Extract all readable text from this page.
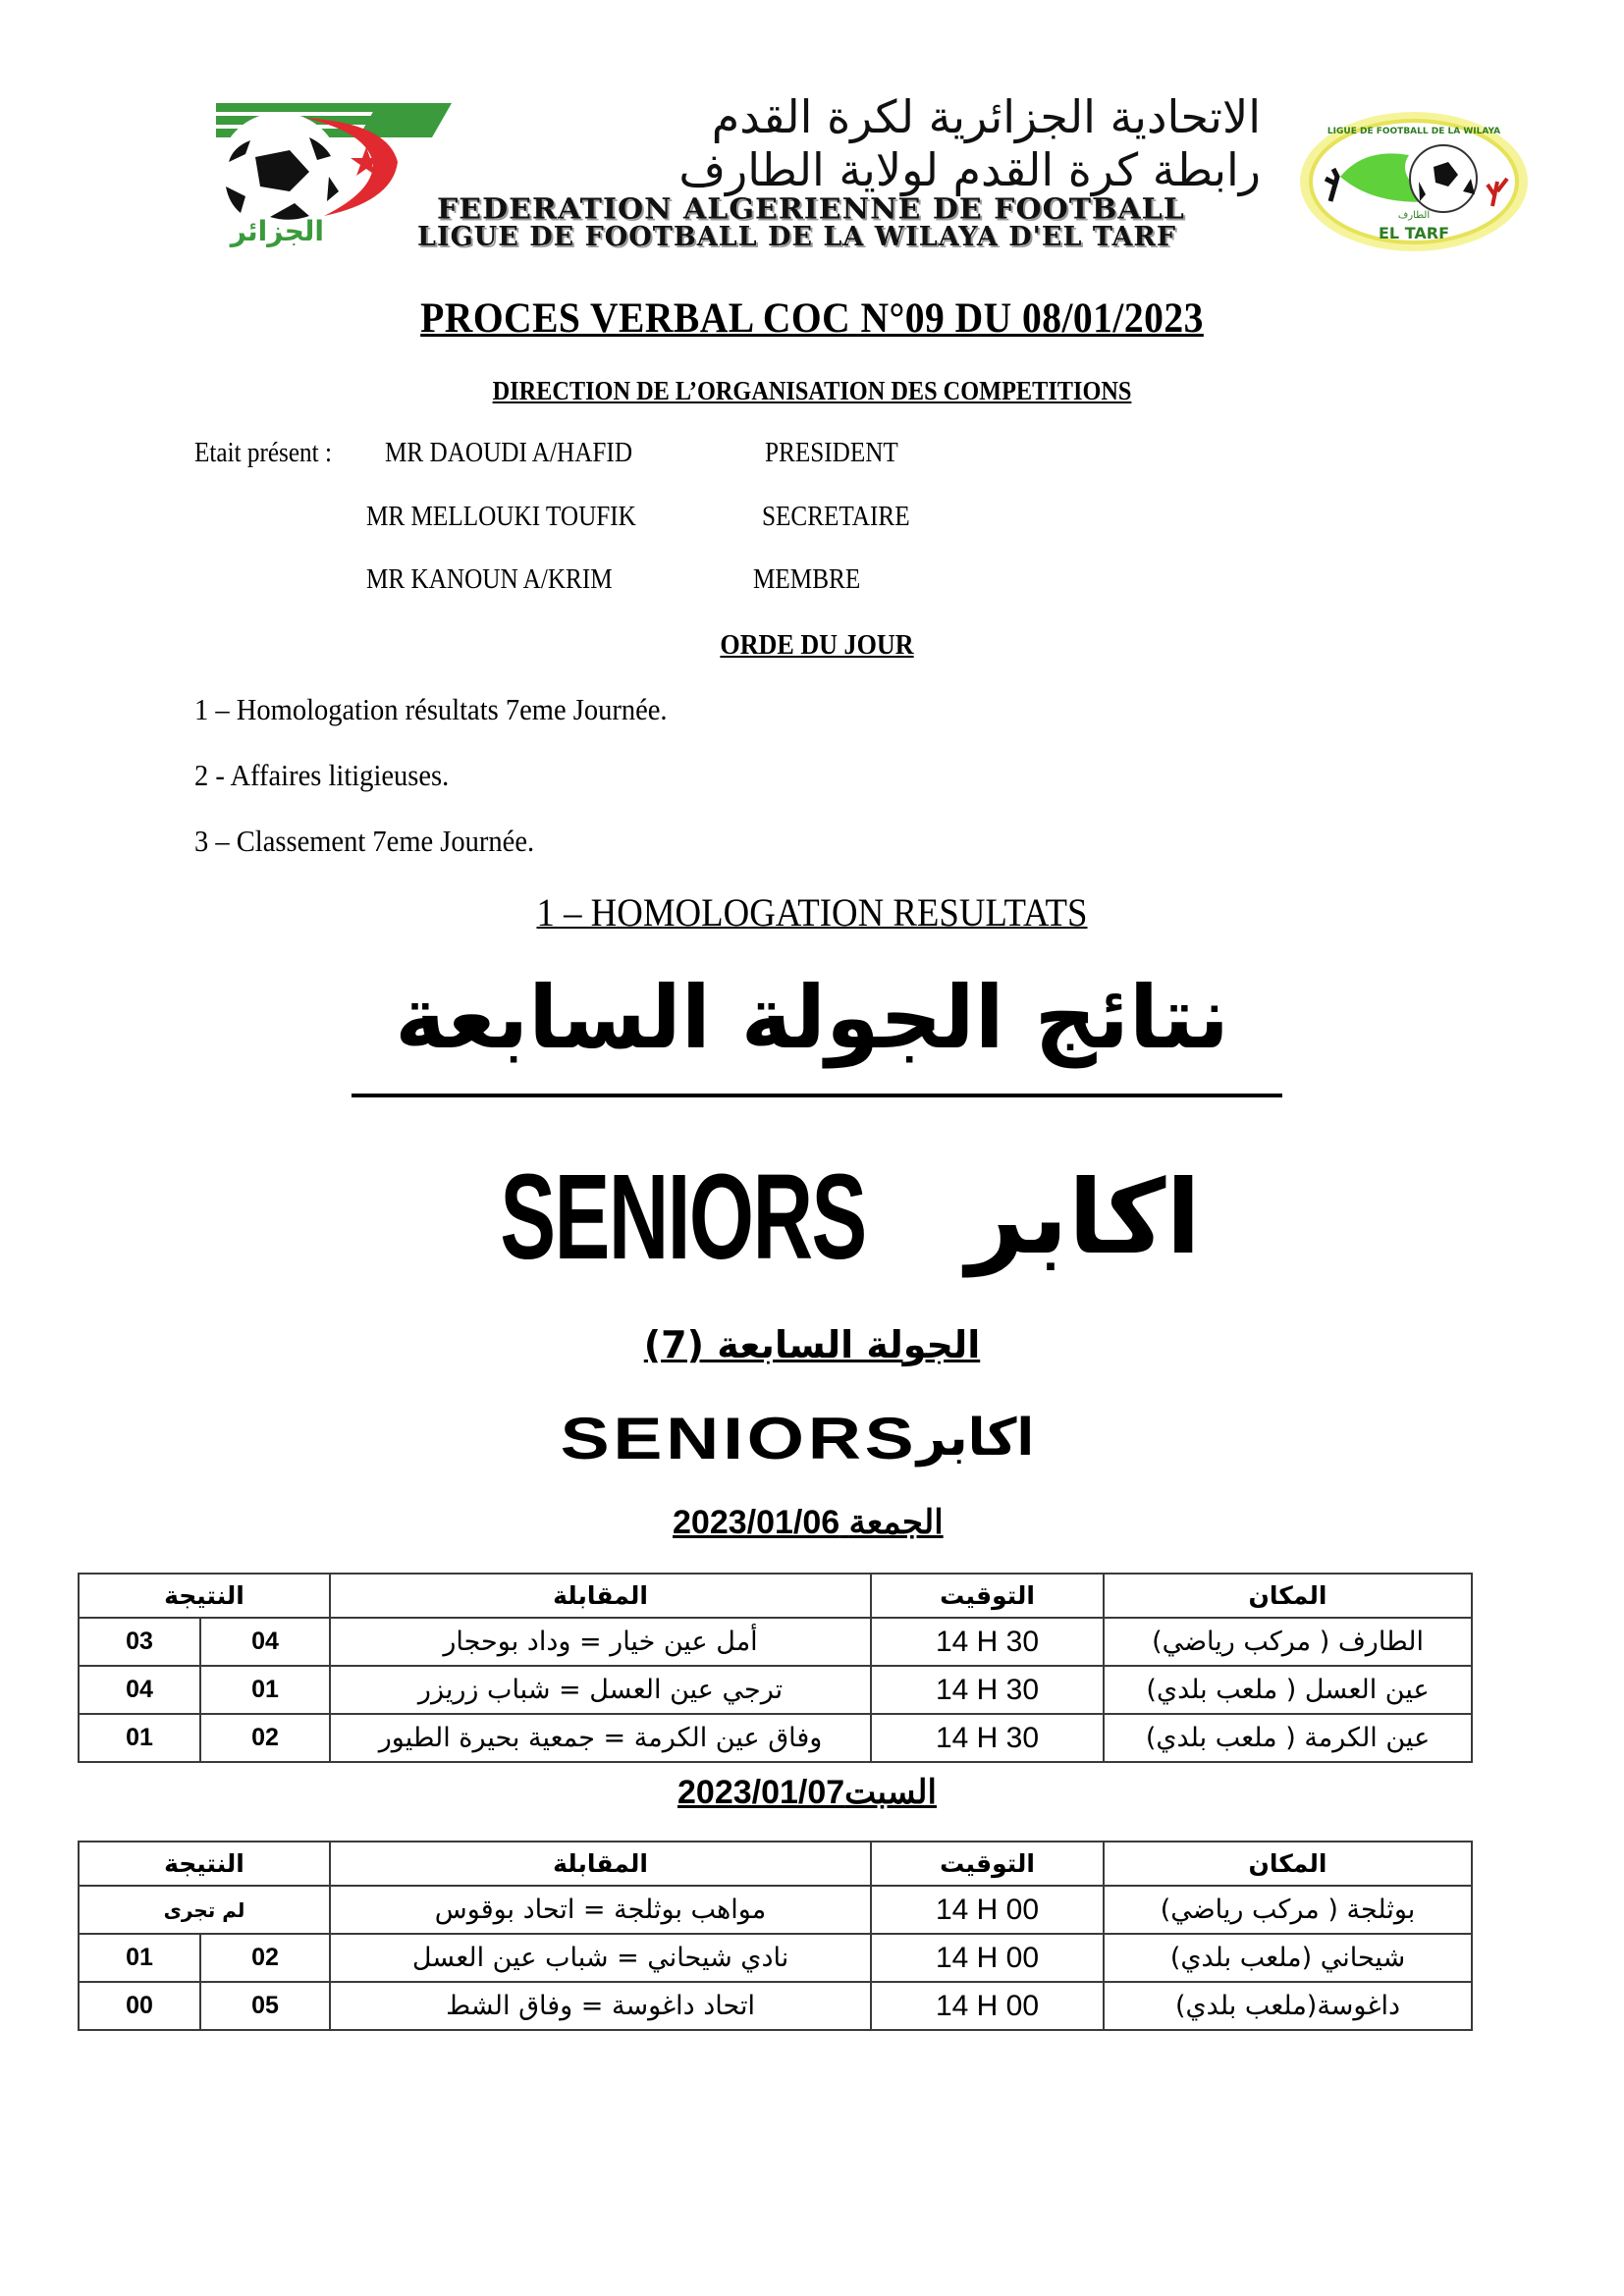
الجزائر
الاتحادية الجزائرية لكرة القدم
رابطة كرة القدم لولاية الطارف
FEDERATION ALGERIENNE DE FOOTBALL
LIGUE DE FOOTBALL DE LA WILAYA D'EL TARF
LIGUE DE FOOTBALL DE LA WILAYA
الطارف
EL TARF
PROCES VERBAL COC N°09 DU 08/01/2023
DIRECTION DE L’ORGANISATION DES COMPETITIONS
Etait présent : MR DAOUDI A/HAFID	PRESIDENT
MR MELLOUKI TOUFIK	SECRETAIRE
MR KANOUN A/KRIM	MEMBRE
ORDE DU JOUR
1 – Homologation résultats 7eme Journée.
2 - Affaires litigieuses.
3 – Classement 7eme Journée.
1 – HOMOLOGATION RESULTATS
نتائج الجولة السابعة
SENIORS اكابر
الجولة السابعة (7)
SENIORS اكابر
الجمعة 2023/01/06
النتيجة		المقابلة	التوقيت	المكان
03	04	أمل عين خيار = وداد بوحجار	14 H 30	الطارف ( مركب رياضي)
04	01	ترجي عين العسل = شباب زريزر	14 H 30	عين العسل ( ملعب بلدي)
01	02	وفاق عين الكرمة = جمعية بحيرة الطيور	14 H 30	عين الكرمة ( ملعب بلدي)
السبت2023/01/07
النتيجة		المقابلة	التوقيت	المكان
لم تجرى		مواهب بوثلجة = اتحاد بوقوس	14 H 00	بوثلجة ( مركب رياضي)
01	02	نادي شيحاني = شباب عين العسل	14 H 00	شيحاني (ملعب بلدي)
00	05	اتحاد داغوسة = وفاق الشط	14 H 00	داغوسة(ملعب بلدي)
